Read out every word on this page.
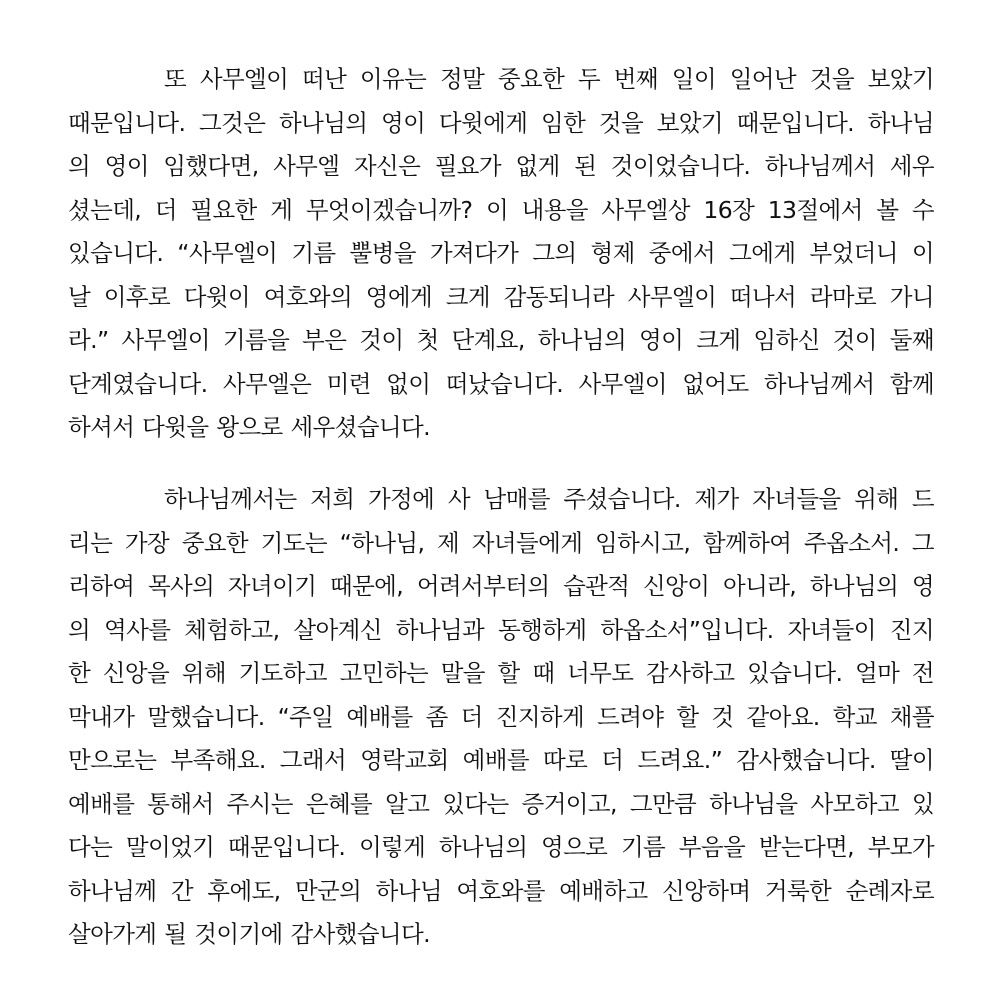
또 사무엘이 떠난 이유는 정말 중요한 두 번째 일이 일어난 것을 보았기
때문입니다. 그것은 하나님의 영이 다윗에게 임한 것을 보았기 때문입니다. 하나님
의 영이 임했다면, 사무엘 자신은 필요가 없게 된 것이었습니다. 하나님께서 세우
셨는데, 더 필요한 게 무엇이겠습니까? 이 내용을 사무엘상 16장 13절에서 볼 수
있습니다. “사무엘이 기름 뿔병을 가져다가 그의 형제 중에서 그에게 부었더니 이
날 이후로 다윗이 여호와의 영에게 크게 감동되니라 사무엘이 떠나서 라마로 가니
라.” 사무엘이 기름을 부은 것이 첫 단계요, 하나님의 영이 크게 임하신 것이 둘째
단계였습니다. 사무엘은 미련 없이 떠났습니다. 사무엘이 없어도 하나님께서 함께
하셔서 다윗을 왕으로 세우셨습니다.
하나님께서는 저희 가정에 사 남매를 주셨습니다. 제가 자녀들을 위해 드
리는 가장 중요한 기도는 “하나님, 제 자녀들에게 임하시고, 함께하여 주옵소서. 그
리하여 목사의 자녀이기 때문에, 어려서부터의 습관적 신앙이 아니라, 하나님의 영
의 역사를 체험하고, 살아계신 하나님과 동행하게 하옵소서”입니다. 자녀들이 진지
한 신앙을 위해 기도하고 고민하는 말을 할 때 너무도 감사하고 있습니다. 얼마 전
막내가 말했습니다. “주일 예배를 좀 더 진지하게 드려야 할 것 같아요. 학교 채플
만으로는 부족해요. 그래서 영락교회 예배를 따로 더 드려요.” 감사했습니다. 딸이
예배를 통해서 주시는 은혜를 알고 있다는 증거이고, 그만큼 하나님을 사모하고 있
다는 말이었기 때문입니다. 이렇게 하나님의 영으로 기름 부음을 받는다면, 부모가
하나님께 간 후에도, 만군의 하나님 여호와를 예배하고 신앙하며 거룩한 순례자로
살아가게 될 것이기에 감사했습니다.
